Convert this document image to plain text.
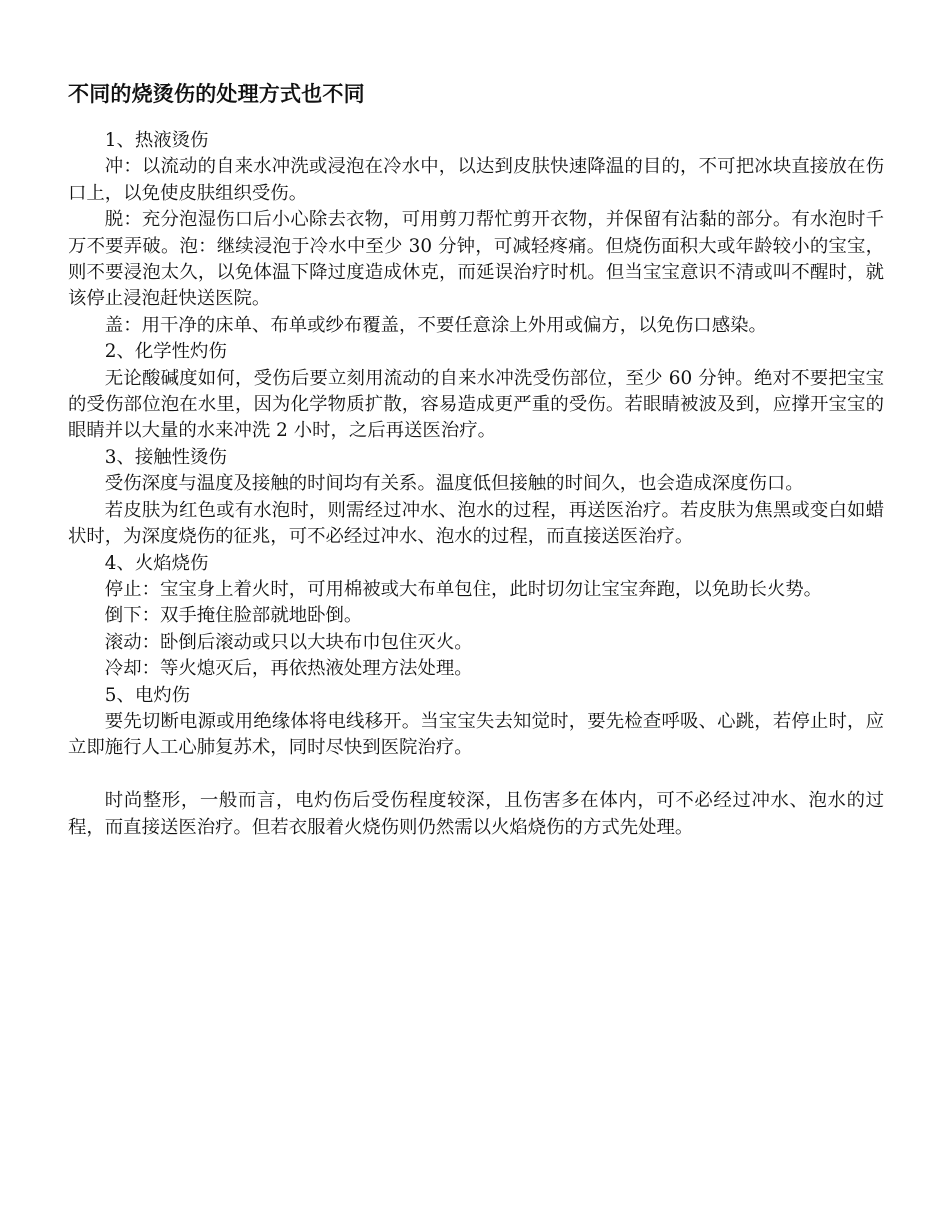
不同的烧烫伤的处理方式也不同

1、热液烫伤

冲：以流动的自来水冲洗或浸泡在冷水中，以达到皮肤快速降温的目的，不可把冰块直接放在伤口上，以免使皮肤组织受伤。

脱：充分泡湿伤口后小心除去衣物，可用剪刀帮忙剪开衣物，并保留有沾黏的部分。有水泡时千万不要弄破。泡：继续浸泡于冷水中至少 30 分钟，可减轻疼痛。但烧伤面积大或年龄较小的宝宝，则不要浸泡太久，以免体温下降过度造成休克，而延误治疗时机。但当宝宝意识不清或叫不醒时，就该停止浸泡赶快送医院。

盖：用干净的床单、布单或纱布覆盖，不要任意涂上外用或偏方，以免伤口感染。

2、化学性灼伤

无论酸碱度如何，受伤后要立刻用流动的自来水冲洗受伤部位，至少 60 分钟。绝对不要把宝宝的受伤部位泡在水里，因为化学物质扩散，容易造成更严重的受伤。若眼睛被波及到，应撑开宝宝的眼睛并以大量的水来冲洗 2 小时，之后再送医治疗。

3、接触性烫伤

受伤深度与温度及接触的时间均有关系。温度低但接触的时间久，也会造成深度伤口。

若皮肤为红色或有水泡时，则需经过冲水、泡水的过程，再送医治疗。若皮肤为焦黑或变白如蜡状时，为深度烧伤的征兆，可不必经过冲水、泡水的过程，而直接送医治疗。

4、火焰烧伤

停止：宝宝身上着火时，可用棉被或大布单包住，此时切勿让宝宝奔跑，以免助长火势。

倒下：双手掩住脸部就地卧倒。

滚动：卧倒后滚动或只以大块布巾包住灭火。

冷却：等火熄灭后，再依热液处理方法处理。

5、电灼伤

要先切断电源或用绝缘体将电线移开。当宝宝失去知觉时，要先检查呼吸、心跳，若停止时，应立即施行人工心肺复苏术，同时尽快到医院治疗。

时尚整形，一般而言，电灼伤后受伤程度较深，且伤害多在体内，可不必经过冲水、泡水的过程，而直接送医治疗。但若衣服着火烧伤则仍然需以火焰烧伤的方式先处理。
